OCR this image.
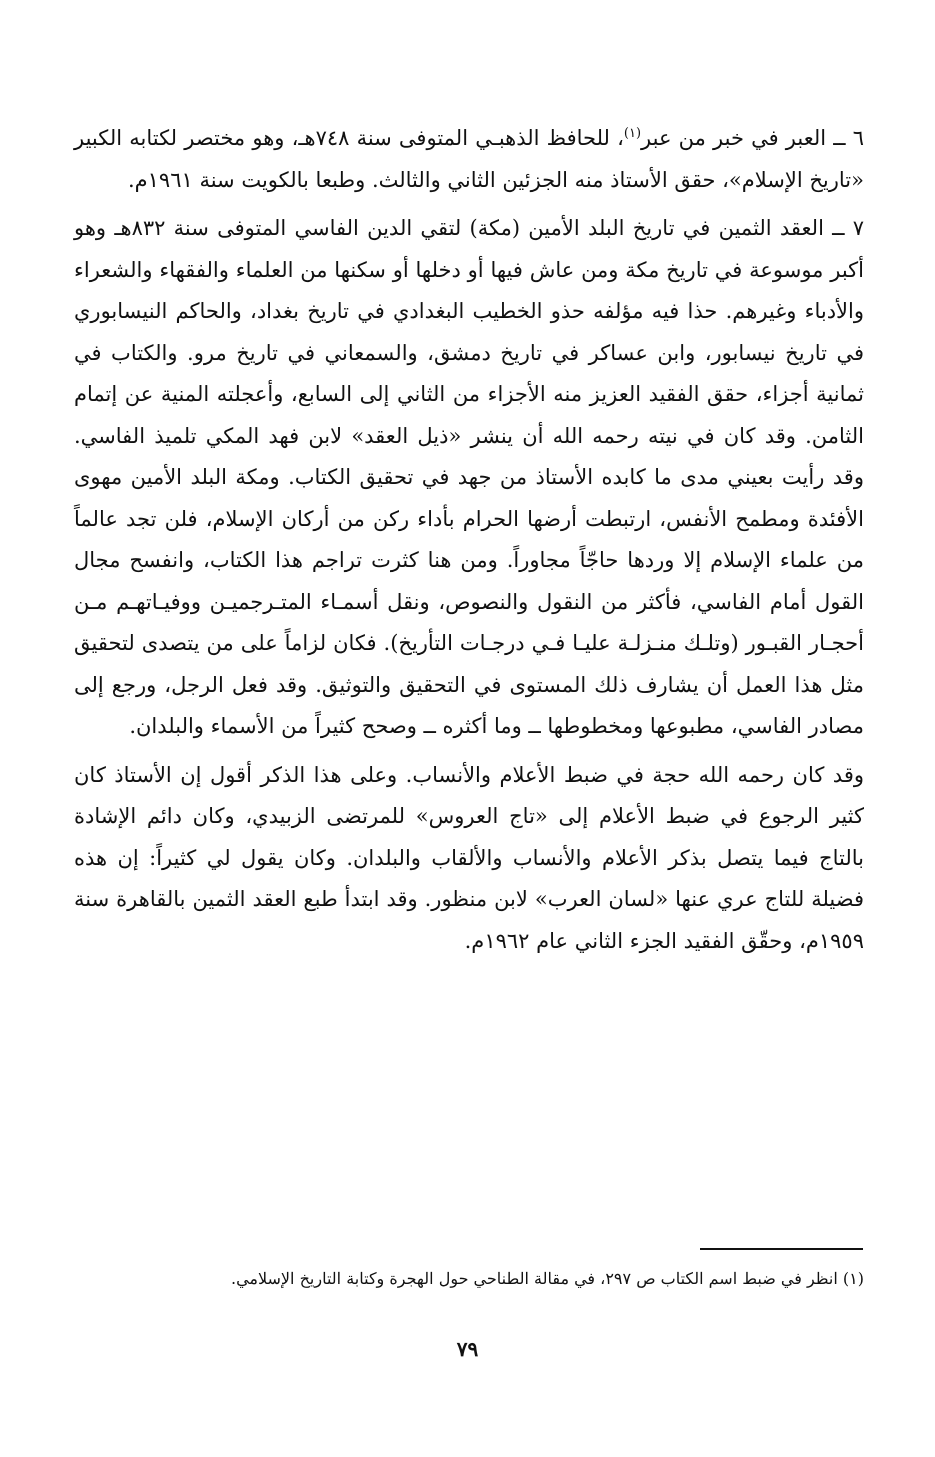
٦ ــ العبر في خبر من عبر$^{(١)}$، للحافظ الذهبـي المتوفى سنة ٧٤٨هـ، وهو مختصر لكتابه الكبير «تاريخ الإسلام»، حقق الأستاذ منه الجزئين الثاني والثالث. وطبعا بالكويت سنة ١٩٦١م.

٧ ــ العقد الثمين في تاريخ البلد الأمين (مكة) لتقي الدين الفاسي المتوفى سنة ٨٣٢هـ وهو أكبر موسوعة في تاريخ مكة ومن عاش فيها أو دخلها أو سكنها من العلماء والفقهاء والشعراء والأدباء وغيرهم. حذا فيه مؤلفه حذو الخطيب البغدادي في تاريخ بغداد، والحاكم النيسابوري في تاريخ نيسابور، وابن عساكر في تاريخ دمشق، والسمعاني في تاريخ مرو. والكتاب في ثمانية أجزاء، حقق الفقيد العزيز منه الأجزاء من الثاني إلى السابع، وأعجلته المنية عن إتمام الثامن. وقد كان في نيته رحمه الله أن ينشر «ذيل العقد» لابن فهد المكي تلميذ الفاسي. وقد رأيت بعيني مدى ما كابده الأستاذ من جهد في تحقيق الكتاب. ومكة البلد الأمين مهوى الأفئدة ومطمح الأنفس، ارتبطت أرضها الحرام بأداء ركن من أركان الإسلام، فلن تجد عالماً من علماء الإسلام إلا وردها حاجّاً مجاوراً. ومن هنا كثرت تراجم هذا الكتاب، وانفسح مجال القول أمام الفاسي، فأكثر من النقول والنصوص، ونقل أسمـاء المتـرجميـن ووفيـاتهـم مـن أحجـار القبـور (وتلـك منـزلـة عليـا فـي درجـات التأريخ). فكان لزاماً على من يتصدى لتحقيق مثل هذا العمل أن يشارف ذلك المستوى في التحقيق والتوثيق. وقد فعل الرجل، ورجع إلى مصادر الفاسي، مطبوعها ومخطوطها ــ وما أكثره ــ وصحح كثيراً من الأسماء والبلدان.

وقد كان رحمه الله حجة في ضبط الأعلام والأنساب. وعلى هذا الذكر أقول إن الأستاذ كان كثير الرجوع في ضبط الأعلام إلى «تاج العروس» للمرتضى الزبيدي، وكان دائم الإشادة بالتاج فيما يتصل بذكر الأعلام والأنساب والألقاب والبلدان. وكان يقول لي كثيراً: إن هذه فضيلة للتاج عري عنها «لسان العرب» لابن منظور. وقد ابتدأ طبع العقد الثمين بالقاهرة سنة ١٩٥٩م، وحقّق الفقيد الجزء الثاني عام ١٩٦٢م.

(١) انظر في ضبط اسم الكتاب ص ٢٩٧، في مقالة الطناحي حول الهجرة وكتابة التاريخ الإسلامي.
٧٩
